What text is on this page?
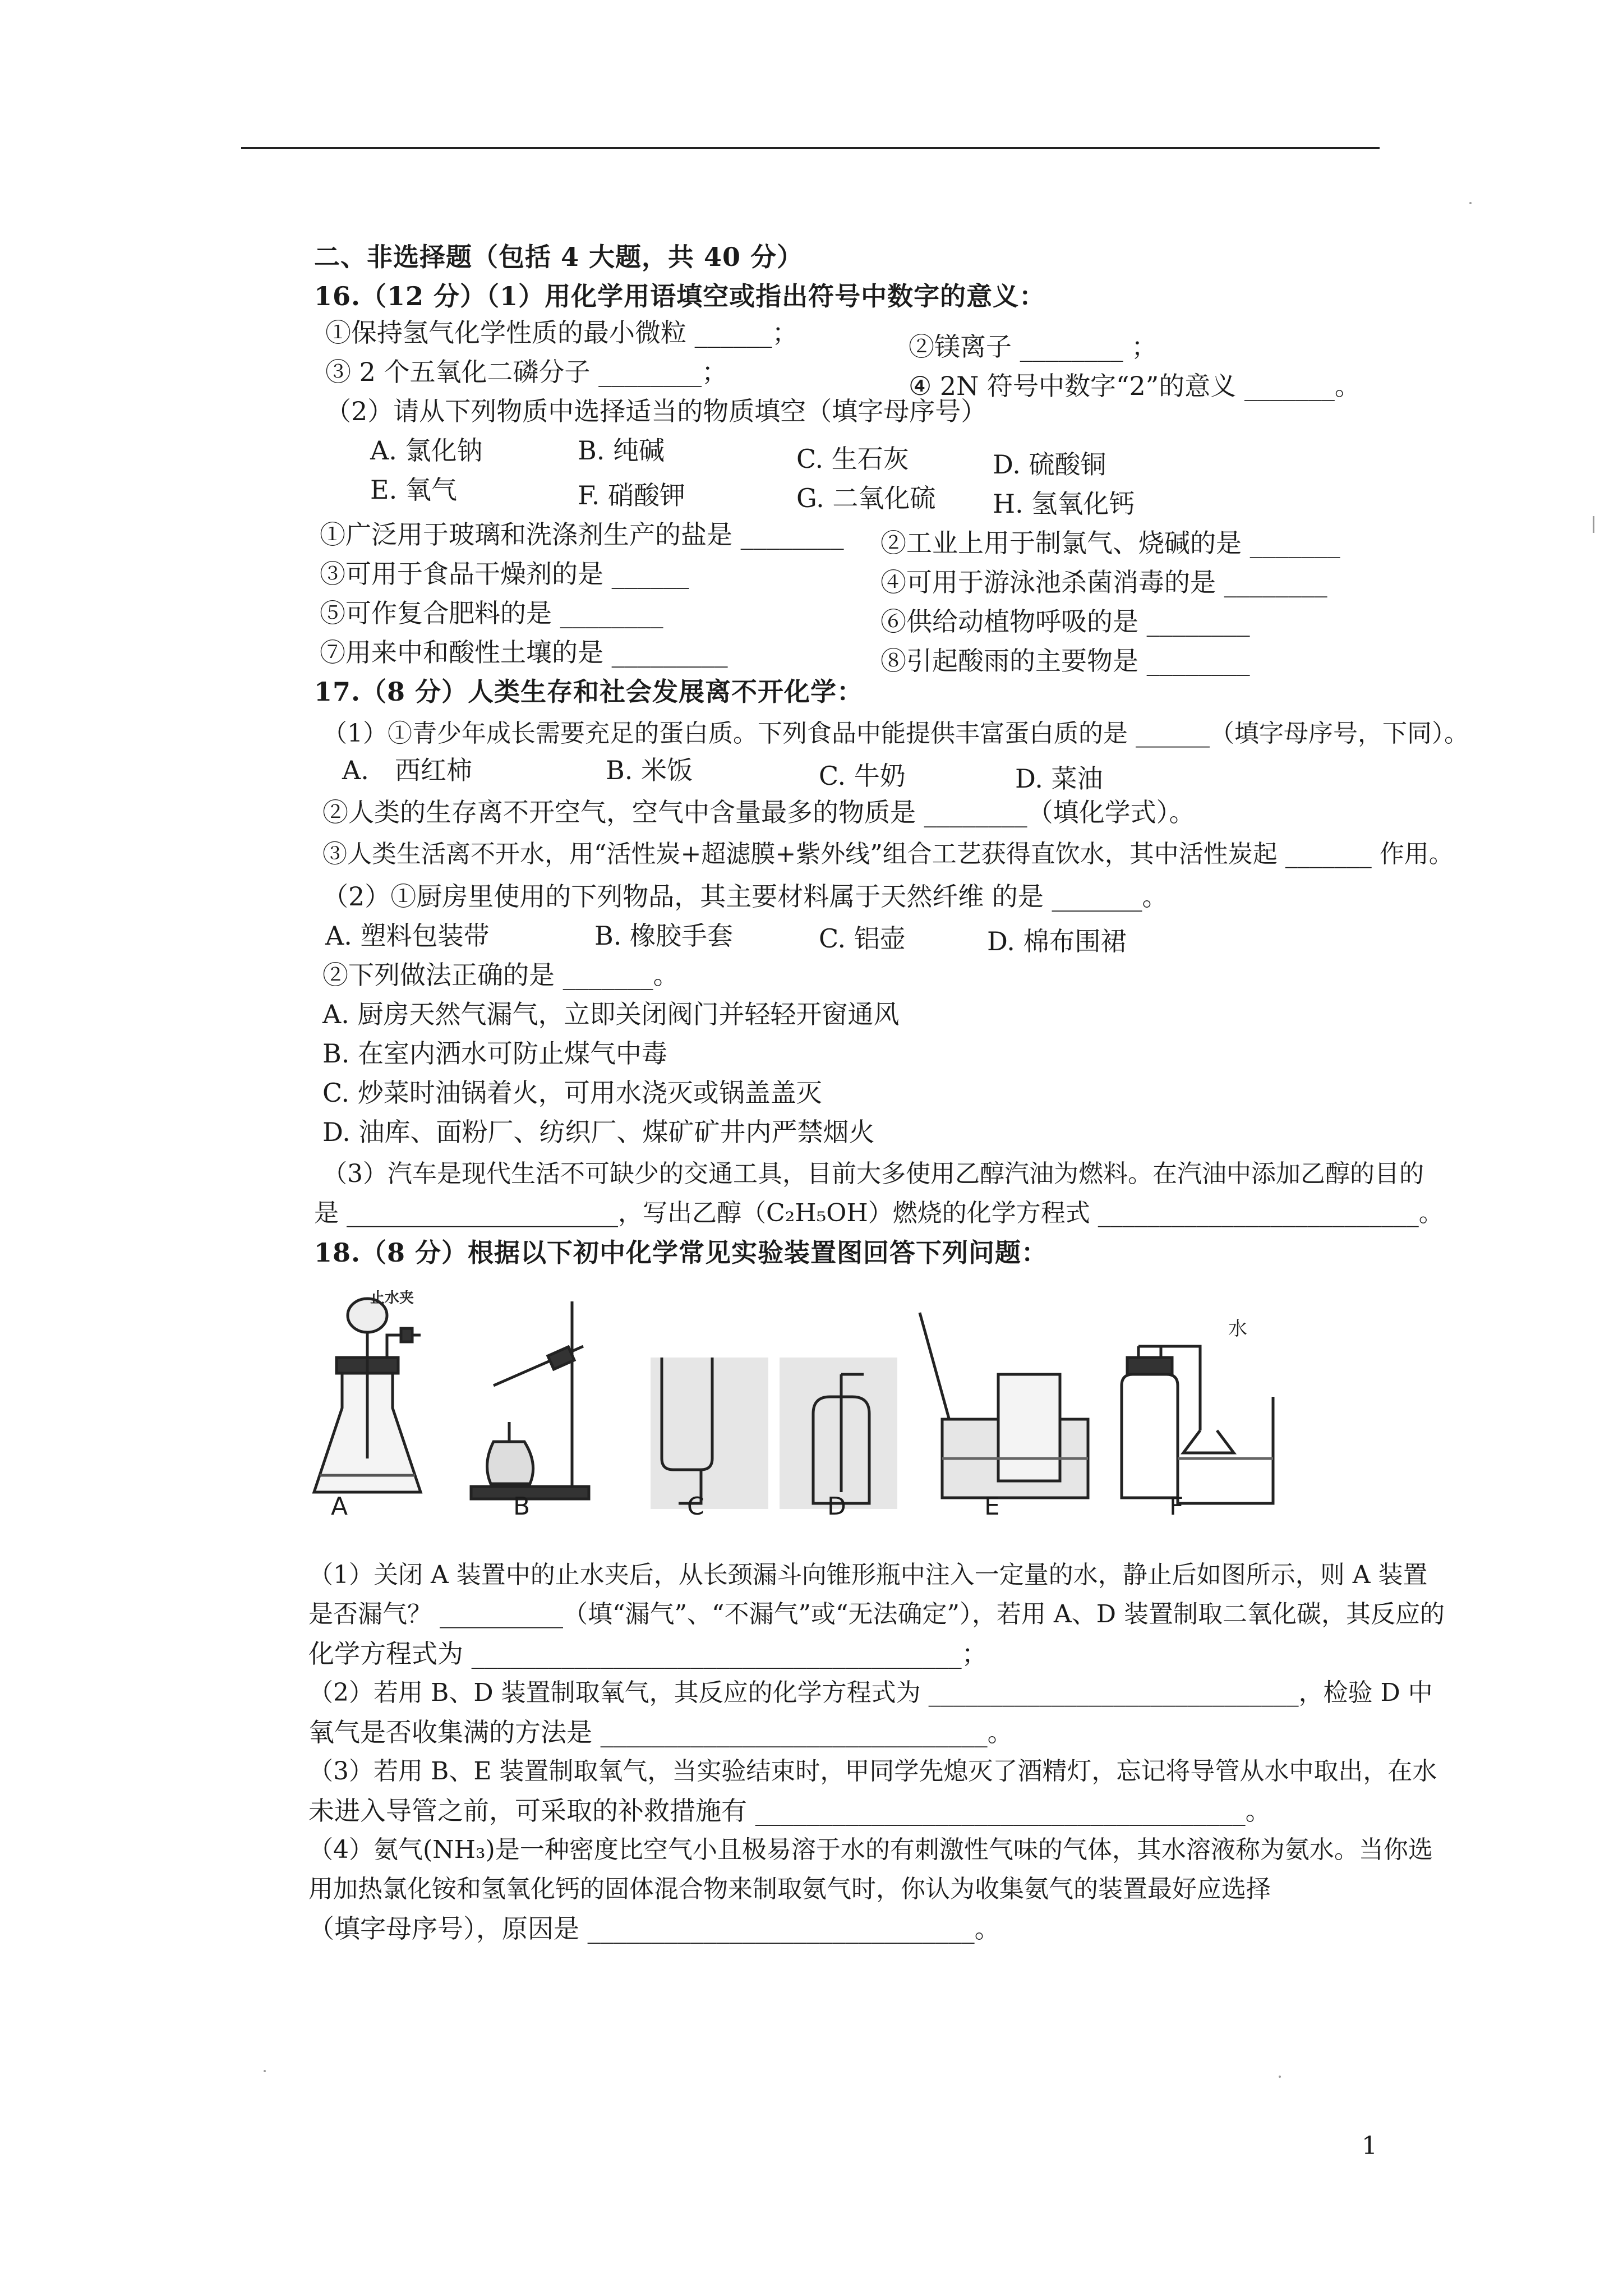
二、非选择题（包括 4 大题，共 40 分）
16.（12 分）（1）用化学用语填空或指出符号中数字的意义：
①保持氢气化学性质的最小微粒 ______；	②镁离子 ________ ；
③ 2 个五氧化二磷分子 ________；	④ 2N 符号中数字“2”的意义 _______。
（2）请从下列物质中选择适当的物质填空（填字母序号）
A. 氯化钠	B. 纯碱	C. 生石灰	D. 硫酸铜
E. 氧气	F. 硝酸钾	G. 二氧化硫 H. 氢氧化钙
①广泛用于玻璃和洗涤剂生产的盐是 ________ ②工业上用于制氯气、烧碱的是 _______
③可用于食品干燥剂的是 ______	④可用于游泳池杀菌消毒的是 ________
⑤可作复合肥料的是 ________	⑥供给动植物呼吸的是 ________
⑦用来中和酸性土壤的是 _________	⑧引起酸雨的主要物是 ________
17.（8 分）人类生存和社会发展离不开化学：
（1）①青少年成长需要充足的蛋白质。下列食品中能提供丰富蛋白质的是 ______（填字母序号，下同）。
A.　西红柿	B. 米饭	C. 牛奶	D. 菜油
②人类的生存离不开空气，空气中含量最多的物质是 ________（填化学式）。
③人类生活离不开水，用“活性炭+超滤膜+紫外线”组合工艺获得直饮水，其中活性炭起 _______ 作用。
（2）①厨房里使用的下列物品，其主要材料属于天然纤维 的是 _______。
A. 塑料包装带	B. 橡胶手套	C. 铝壶	D. 棉布围裙
②下列做法正确的是 _______。
A. 厨房天然气漏气，立即关闭阀门并轻轻开窗通风
B. 在室内洒水可防止煤气中毒
C. 炒菜时油锅着火，可用水浇灭或锅盖盖灭
D. 油库、面粉厂、纺织厂、煤矿矿井内严禁烟火
（3）汽车是现代生活不可缺少的交通工具，目前大多使用乙醇汽油为燃料。在汽油中添加乙醇的目的
是 ______________________，写出乙醇（C₂H₅OH）燃烧的化学方程式 __________________________。
18.（8 分）根据以下初中化学常见实验装置图回答下列问题：
止水夹
水
A	B	C	D	E	F
（1）关闭 A 装置中的止水夹后，从长颈漏斗向锥形瓶中注入一定量的水，静止后如图所示，则 A 装置
是否漏气？ __________（填“漏气”、“不漏气”或“无法确定”），若用 A、D 装置制取二氧化碳，其反应的
化学方程式为 ______________________________________；
（2）若用 B、D 装置制取氧气，其反应的化学方程式为 ______________________________，检验 D 中
氧气是否收集满的方法是 ______________________________。
（3）若用 B、E 装置制取氧气，当实验结束时，甲同学先熄灭了酒精灯，忘记将导管从水中取出，在水
未进入导管之前，可采取的补救措施有 ______________________________________。
（4）氨气(NH₃)是一种密度比空气小且极易溶于水的有刺激性气味的气体，其水溶液称为氨水。当你选
用加热氯化铵和氢氧化钙的固体混合物来制取氨气时，你认为收集氨气的装置最好应选择
（填字母序号），原因是 ______________________________。
1
